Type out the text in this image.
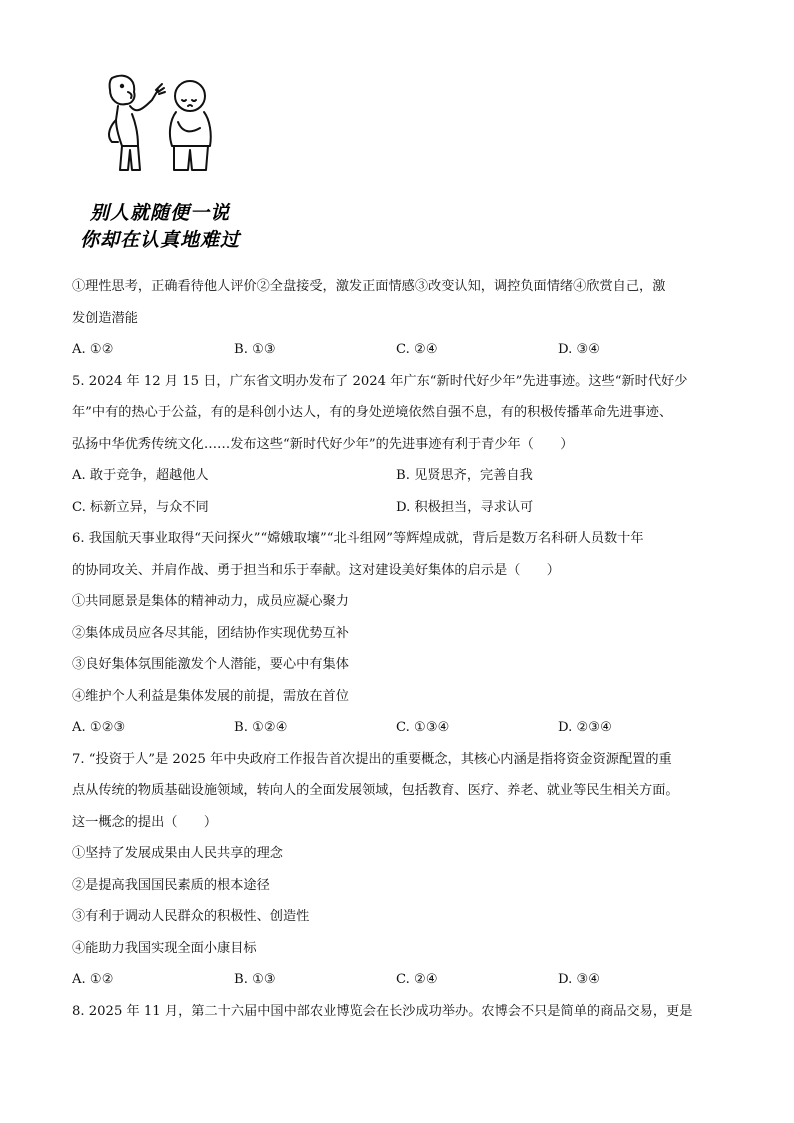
别人就随便一说
你却在认真地难过
①理性思考，正确看待他人评价②全盘接受，激发正面情感③改变认知，调控负面情绪④欣赏自己，激
发创造潜能
A. ①②	B. ①③	C. ②④	D. ③④
5. 2024 年 12 月 15 日，广东省文明办发布了 2024 年广东“新时代好少年”先进事迹。这些“新时代好少
年”中有的热心于公益，有的是科创小达人，有的身处逆境依然自强不息，有的积极传播革命先进事迹、
弘扬中华优秀传统文化……发布这些“新时代好少年”的先进事迹有利于青少年（　　）
A. 敢于竞争，超越他人	B. 见贤思齐，完善自我
C. 标新立异，与众不同	D. 积极担当，寻求认可
6. 我国航天事业取得“天问探火”“嫦娥取壤”“北斗组网”等辉煌成就，背后是数万名科研人员数十年
的协同攻关、并肩作战、勇于担当和乐于奉献。这对建设美好集体的启示是（　　）
①共同愿景是集体的精神动力，成员应凝心聚力
②集体成员应各尽其能，团结协作实现优势互补
③良好集体氛围能激发个人潜能，要心中有集体
④维护个人利益是集体发展的前提，需放在首位
A. ①②③	B. ①②④	C. ①③④	D. ②③④
7. “投资于人”是 2025 年中央政府工作报告首次提出的重要概念，其核心内涵是指将资金资源配置的重
点从传统的物质基础设施领域，转向人的全面发展领域，包括教育、医疗、养老、就业等民生相关方面。
这一概念的提出（　　）
①坚持了发展成果由人民共享的理念
②是提高我国国民素质的根本途径
③有利于调动人民群众的积极性、创造性
④能助力我国实现全面小康目标
A. ①②	B. ①③	C. ②④	D. ③④
8. 2025 年 11 月，第二十六届中国中部农业博览会在长沙成功举办。农博会不只是简单的商品交易，更是
